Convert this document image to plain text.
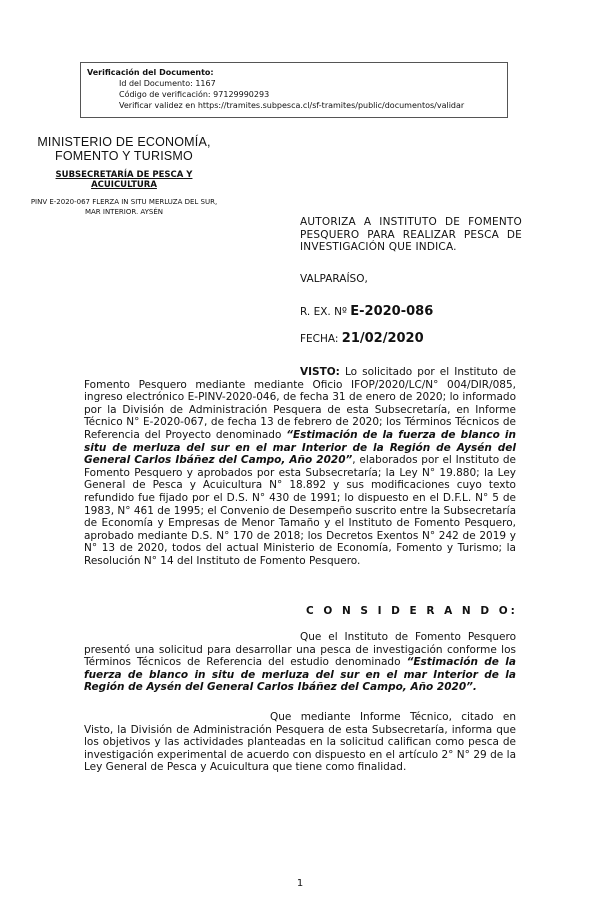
Verificación del Documento:
• Id del Documento: 1167
• Código de verificación: 97129990293
• Verificar validez en https://tramites.subpesca.cl/sf-tramites/public/documentos/validar
MINISTERIO DE ECONOMÍA,
FOMENTO Y TURISMO
SUBSECRETARÍA DE PESCA Y ACUICULTURA
PINV E-2020-067 FLERZA IN SITU MERLUZA DEL SUR, MAR INTERIOR. AYSÉN
AUTORIZA A INSTITUTO DE FOMENTO PESQUERO PARA REALIZAR PESCA DE INVESTIGACIÓN QUE INDICA.
VALPARAÍSO,
R. EX. Nº E-2020-086
FECHA: 21/02/2020
VISTO: Lo solicitado por el Instituto de Fomento Pesquero mediante mediante Oficio IFOP/2020/LC/N° 004/DIR/085, ingreso electrónico E-PINV-2020-046, de fecha 31 de enero de 2020; lo informado por la División de Administración Pesquera de esta Subsecretaría, en Informe Técnico N° E-2020-067, de fecha 13 de febrero de 2020; los Términos Técnicos de Referencia del Proyecto denominado “Estimación de la fuerza de blanco in situ de merluza del sur en el mar Interior de la Región de Aysén del General Carlos Ibáñez del Campo, Año 2020”, elaborados por el Instituto de Fomento Pesquero y aprobados por esta Subsecretaría; la Ley N° 19.880; la Ley General de Pesca y Acuicultura N° 18.892 y sus modificaciones cuyo texto refundido fue fijado por el D.S. N° 430 de 1991; lo dispuesto en el D.F.L. N° 5 de 1983, N° 461 de 1995; el Convenio de Desempeño suscrito entre la Subsecretaría de Economía y Empresas de Menor Tamaño y el Instituto de Fomento Pesquero, aprobado mediante D.S. N° 170 de 2018; los Decretos Exentos N° 242 de 2019 y N° 13 de 2020, todos del actual Ministerio de Economía, Fomento y Turismo; la Resolución N° 14 del Instituto de Fomento Pesquero.
C O N S I D E R A N D O:
Que el Instituto de Fomento Pesquero presentó una solicitud para desarrollar una pesca de investigación conforme los Términos Técnicos de Referencia del estudio denominado “Estimación de la fuerza de blanco in situ de merluza del sur en el mar Interior de la Región de Aysén del General Carlos Ibáñez del Campo, Año 2020”.
Que mediante Informe Técnico, citado en Visto, la División de Administración Pesquera de esta Subsecretaría, informa que los objetivos y las actividades planteadas en la solicitud califican como pesca de investigación experimental de acuerdo con dispuesto en el artículo 2° N° 29 de la Ley General de Pesca y Acuicultura que tiene como finalidad.
1
